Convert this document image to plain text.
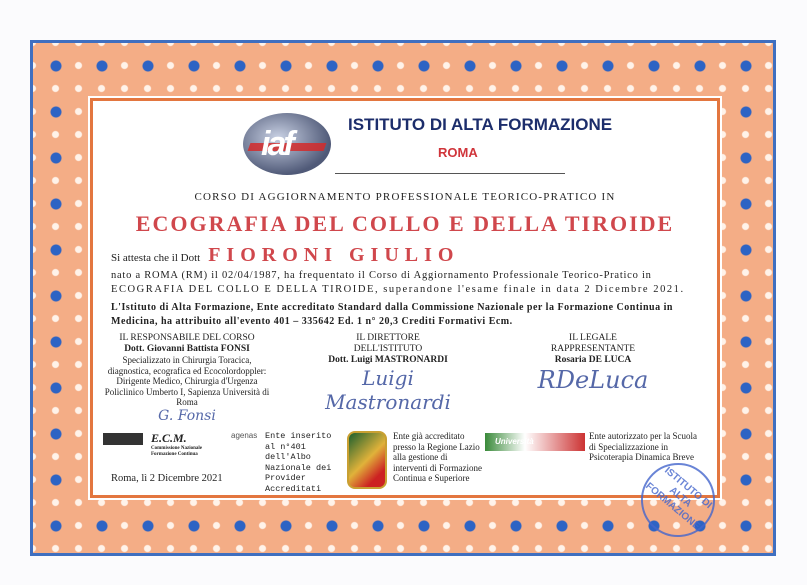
iaf
ISTITUTO DI ALTA FORMAZIONE
ROMA
CORSO DI AGGIORNAMENTO PROFESSIONALE TEORICO-PRATICO IN
ECOGRAFIA DEL COLLO E DELLA TIROIDE
Si attesta che il Dott FIORONI GIULIO
nato a ROMA (RM) il 02/04/1987, ha frequentato il Corso di Aggiornamento Professionale Teorico-Pratico in
ECOGRAFIA DEL COLLO E DELLA TIROIDE, superandone l'esame finale in data 2 Dicembre 2021.
L'Istituto di Alta Formazione, Ente accreditato Standard dalla Commissione Nazionale per la Formazione Continua in Medicina, ha attribuito all'evento 401 – 335642 Ed. 1 n° 20,3 Crediti Formativi Ecm.
IL RESPONSABILE DEL CORSO
Dott. Giovanni Battista FONSI
Specializzato in Chirurgia Toracica, diagnostica, ecografica ed Ecocolordoppler: Dirigente Medico, Chirurgia d'Urgenza Policlinico Umberto I, Sapienza Università di Roma
G. Fonsi
IL DIRETTORE DELL'ISTITUTO
Dott. Luigi MASTRONARDI
Luigi Mastronardi
IL LEGALE RAPPRESENTANTE
Rosaria DE LUCA
RDeLuca
E.C.M.
Commissione Nazionale Formazione Continua
agenas Ente inserito al n°401 dell'Albo Nazionale dei Provider Accreditati
Ente già accreditato presso la Regione Lazio alla gestione di interventi di Formazione Continua e Superiore
Università
Ente autorizzato per la Scuola di Specializzazione in Psicoterapia Dinamica Breve
Roma, lì 2 Dicembre 2021	ISTITUTO DI ALTA FORMAZIONE
